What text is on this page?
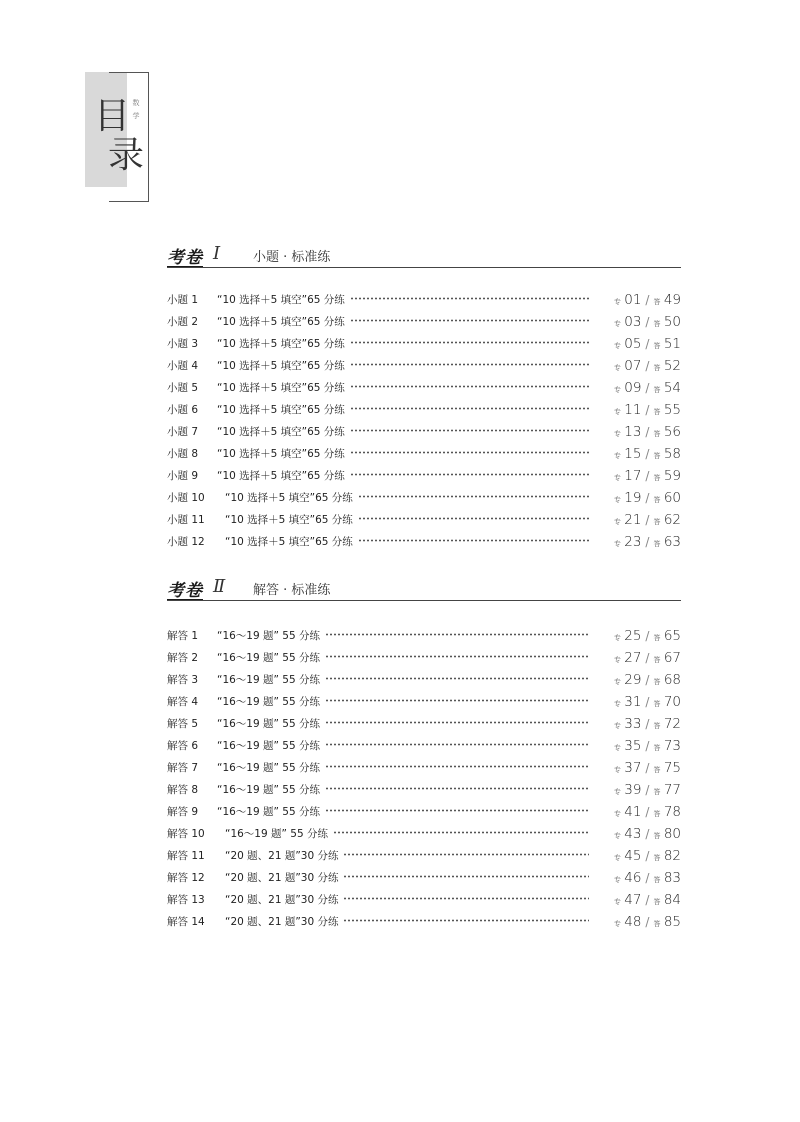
数学
目
录
考卷 Ⅰ	小题 · 标准练
小题 1 “10 选择＋5 填空”65 分练	专 01 / 答 49
小题 2 “10 选择＋5 填空”65 分练	专 03 / 答 50
小题 3 “10 选择＋5 填空”65 分练	专 05 / 答 51
小题 4 “10 选择＋5 填空”65 分练	专 07 / 答 52
小题 5 “10 选择＋5 填空”65 分练	专 09 / 答 54
小题 6 “10 选择＋5 填空”65 分练	专 11 / 答 55
小题 7 “10 选择＋5 填空”65 分练	专 13 / 答 56
小题 8 “10 选择＋5 填空”65 分练	专 15 / 答 58
小题 9 “10 选择＋5 填空”65 分练	专 17 / 答 59
小题 10 “10 选择＋5 填空”65 分练	专 19 / 答 60
小题 11 “10 选择＋5 填空”65 分练	专 21 / 答 62
小题 12 “10 选择＋5 填空”65 分练	专 23 / 答 63
考卷 Ⅱ 解答 · 标准练
解答 1 “16～19 题” 55 分练	专 25 / 答 65
解答 2 “16～19 题” 55 分练	专 27 / 答 67
解答 3 “16～19 题” 55 分练	专 29 / 答 68
解答 4 “16～19 题” 55 分练	专 31 / 答 70
解答 5 “16～19 题” 55 分练	专 33 / 答 72
解答 6 “16～19 题” 55 分练	专 35 / 答 73
解答 7 “16～19 题” 55 分练	专 37 / 答 75
解答 8 “16～19 题” 55 分练	专 39 / 答 77
解答 9 “16～19 题” 55 分练	专 41 / 答 78
解答 10 “16～19 题” 55 分练	专 43 / 答 80
解答 11 “20 题、21 题”30 分练	专 45 / 答 82
解答 12 “20 题、21 题”30 分练	专 46 / 答 83
解答 13 “20 题、21 题”30 分练	专 47 / 答 84
解答 14 “20 题、21 题”30 分练	专 48 / 答 85
